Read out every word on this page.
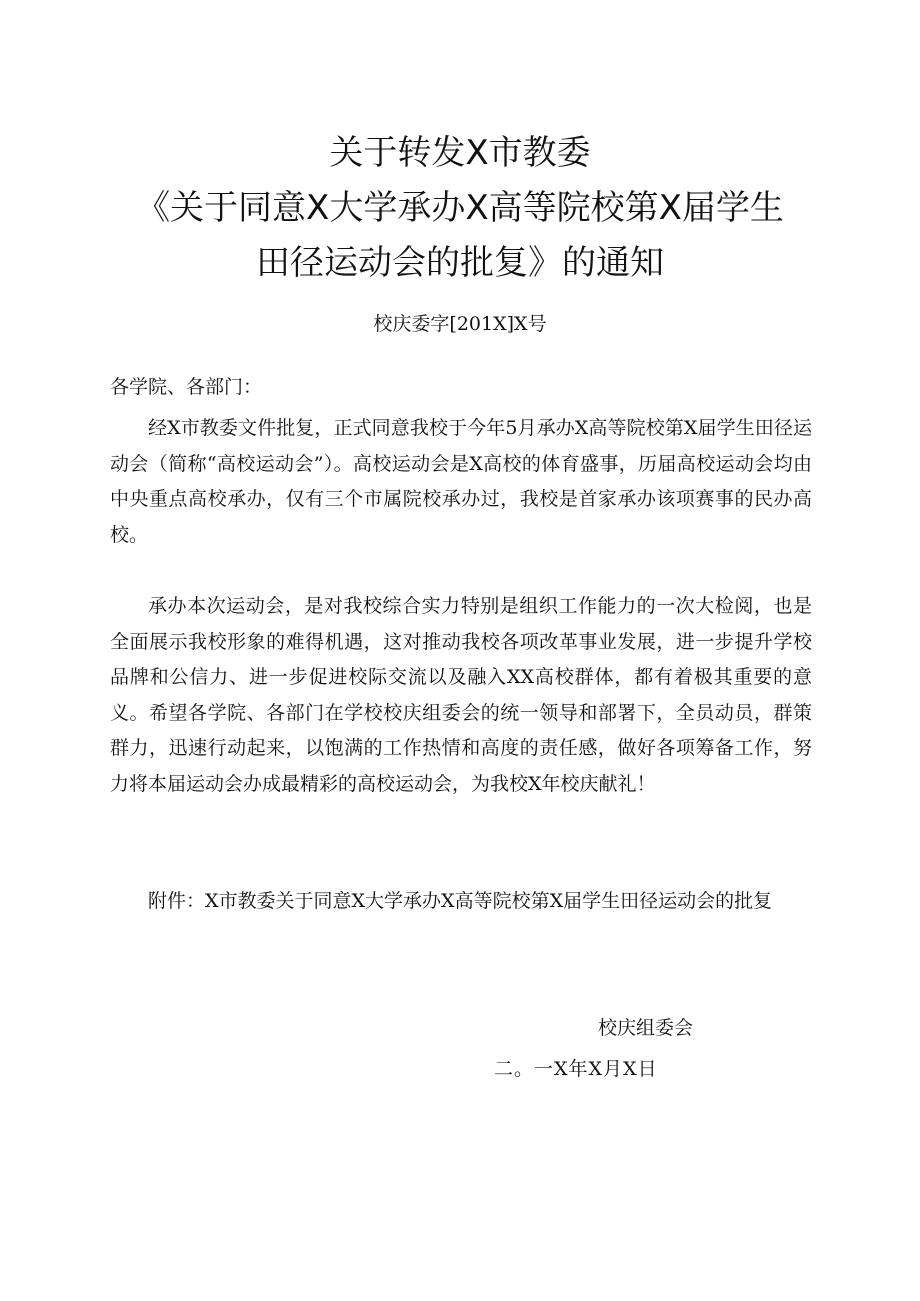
关于转发X市教委
《关于同意X大学承办X高等院校第X届学生
田径运动会的批复》的通知
校庆委字[201X]X号
各学院、各部门：

经X市教委文件批复，正式同意我校于今年5月承办X高等院校第X届学生田径运动会（简称“高校运动会”）。高校运动会是X高校的体育盛事，历届高校运动会均由中央重点高校承办，仅有三个市属院校承办过，我校是首家承办该项赛事的民办高校。

承办本次运动会，是对我校综合实力特别是组织工作能力的一次大检阅，也是全面展示我校形象的难得机遇，这对推动我校各项改革事业发展，进一步提升学校品牌和公信力、进一步促进校际交流以及融入XX高校群体，都有着极其重要的意义。希望各学院、各部门在学校校庆组委会的统一领导和部署下，全员动员，群策群力，迅速行动起来，以饱满的工作热情和高度的责任感，做好各项筹备工作，努力将本届运动会办成最精彩的高校运动会，为我校X年校庆献礼！

附件：X市教委关于同意X大学承办X高等院校第X届学生田径运动会的批复

校庆组委会
二。一X年X月X日
